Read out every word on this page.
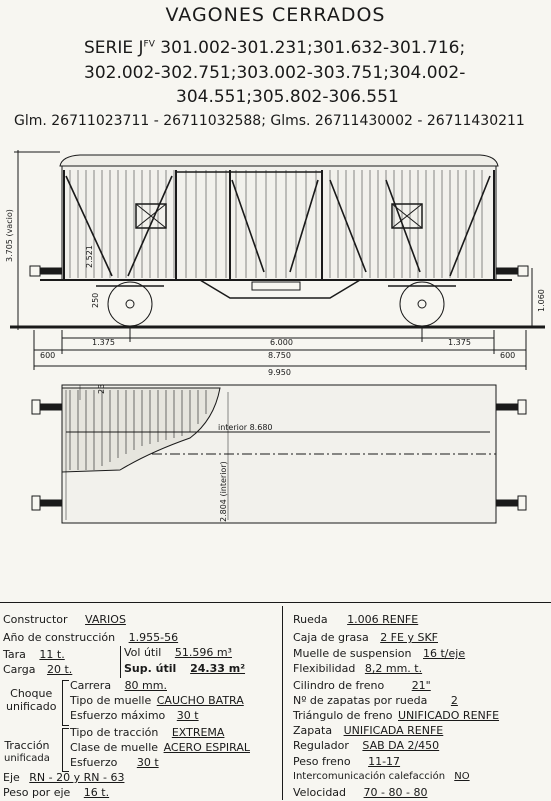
VAGONES CERRADOS
SERIE $J^{FV}$ 301.002-301.231;301.632-301.716;
302.002-302.751;303.002-303.751;304.002-
304.551;305.802-306.551
Glm. 26711023711 - 26711032588; Glms. 26711430002 - 26711430211
3.705 (vacio)	2.521
250	1.060
1.375	6.000	1.375
600	8.750	600
9.950
23
interior 8.680
2.804 (interior)
Constructor VARIOS
Año de construcción 1.955-56
Tara 11 t.
Carga 20 t.
Vol útil 51.596 m³
Sup. útil 24.33 m²
Choque
unificado
Carrera 80 mm.
Tipo de muelle CAUCHO BATRA
Esfuerzo máximo 30 t
Tracción
unificada
Tipo de tracción EXTREMA
Clase de muelle ACERO ESPIRAL
Esfuerzo 30 t
Eje RN - 20 y RN - 63
Peso por eje 16 t.
Rueda 1.006 RENFE
Caja de grasa 2 FE y SKF
Muelle de suspension 16 t/eje
Flexibilidad 8,2 mm. t.
Cilindro de freno	21"
Nº de zapatas por rueda 2
Triángulo de freno UNIFICADO RENFE
Zapata UNIFICADA RENFE
Regulador SAB DA 2/450
Peso freno 11-17
Intercomunicación calefacción NO
Velocidad 70 - 80 - 80
